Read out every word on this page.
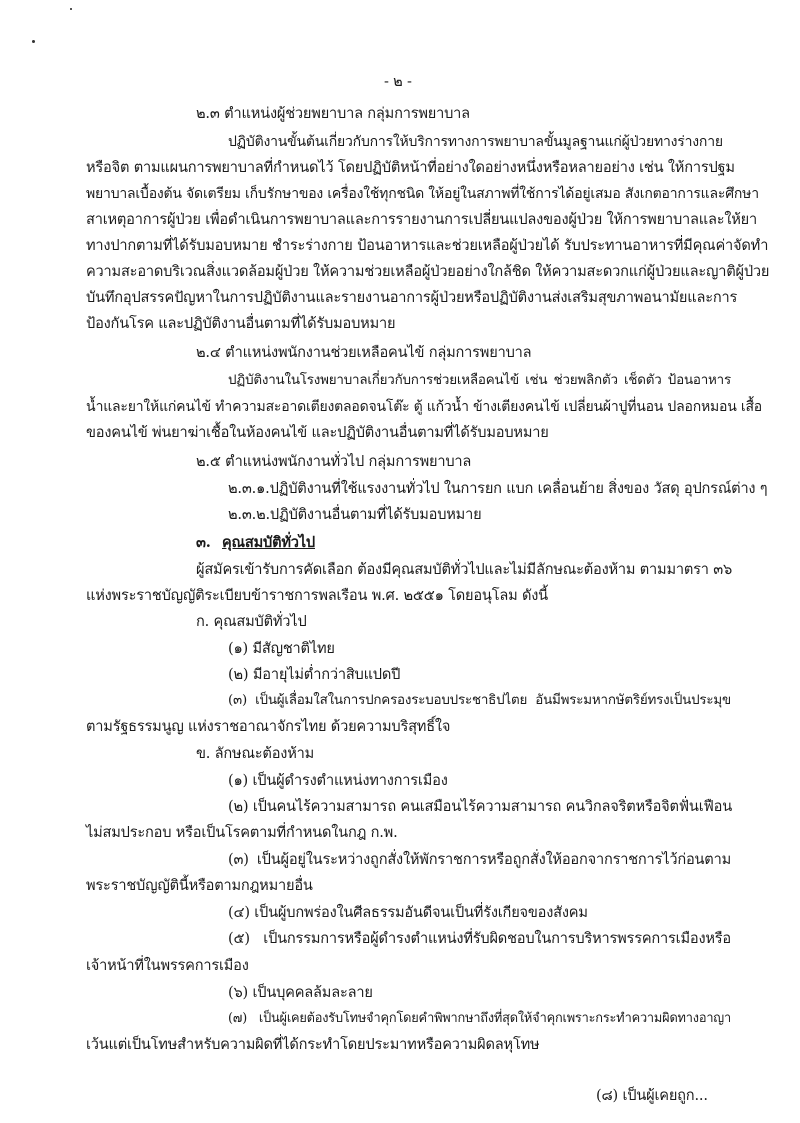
- ๒ -
๒.๓ ตำแหน่งผู้ช่วยพยาบาล กลุ่มการพยาบาล
ปฏิบัติงานขั้นต้นเกี่ยวกับการให้บริการทางการพยาบาลขั้นมูลฐานแก่ผู้ป่วยทางร่างกาย
หรือจิต ตามแผนการพยาบาลที่กำหนดไว้ โดยปฏิบัติหน้าที่อย่างใดอย่างหนึ่งหรือหลายอย่าง เช่น ให้การปฐม
พยาบาลเบื้องต้น จัดเตรียม เก็บรักษาของ เครื่องใช้ทุกชนิด ให้อยู่ในสภาพที่ใช้การได้อยู่เสมอ สังเกตอาการและศึกษา
สาเหตุอาการผู้ป่วย เพื่อดำเนินการพยาบาลและการรายงานการเปลี่ยนแปลงของผู้ป่วย ให้การพยาบาลและให้ยา
ทางปากตามที่ได้รับมอบหมาย ชำระร่างกาย ป้อนอาหารและช่วยเหลือผู้ป่วยได้ รับประทานอาหารที่มีคุณค่าจัดทำ
ความสะอาดบริเวณสิ่งแวดล้อมผู้ป่วย ให้ความช่วยเหลือผู้ป่วยอย่างใกล้ชิด ให้ความสะดวกแก่ผู้ป่วยและญาติผู้ป่วย
บันทึกอุปสรรคปัญหาในการปฏิบัติงานและรายงานอาการผู้ป่วยหรือปฏิบัติงานส่งเสริมสุขภาพอนามัยและการ
ป้องกันโรค และปฏิบัติงานอื่นตามที่ได้รับมอบหมาย
๒.๔ ตำแหน่งพนักงานช่วยเหลือคนไข้ กลุ่มการพยาบาล
ปฏิบัติงานในโรงพยาบาลเกี่ยวกับการช่วยเหลือคนไข้ เช่น ช่วยพลิกตัว เช็ดตัว ป้อนอาหาร
น้ำและยาให้แก่คนไข้ ทำความสะอาดเตียงตลอดจนโต๊ะ ตู้ แก้วน้ำ ข้างเตียงคนไข้ เปลี่ยนผ้าปูที่นอน ปลอกหมอน เสื้อ
ของคนไข้ พ่นยาฆ่าเชื้อในห้องคนไข้ และปฏิบัติงานอื่นตามที่ได้รับมอบหมาย
๒.๕ ตำแหน่งพนักงานทั่วไป กลุ่มการพยาบาล
๒.๓.๑.ปฏิบัติงานที่ใช้แรงงานทั่วไป ในการยก แบก เคลื่อนย้าย สิ่งของ วัสดุ อุปกรณ์ต่าง ๆ
๒.๓.๒.ปฏิบัติงานอื่นตามที่ได้รับมอบหมาย
๓. คุณสมบัติทั่วไป
ผู้สมัครเข้ารับการคัดเลือก ต้องมีคุณสมบัติทั่วไปและไม่มีลักษณะต้องห้าม ตามมาตรา ๓๖
แห่งพระราชบัญญัติระเบียบข้าราชการพลเรือน พ.ศ. ๒๕๕๑ โดยอนุโลม ดังนี้
ก. คุณสมบัติทั่วไป
(๑) มีสัญชาติไทย
(๒) มีอายุไม่ต่ำกว่าสิบแปดปี
(๓) เป็นผู้เลื่อมใสในการปกครองระบอบประชาธิปไตย อันมีพระมหากษัตริย์ทรงเป็นประมุข
ตามรัฐธรรมนูญ แห่งราชอาณาจักรไทย ด้วยความบริสุทธิ์ใจ
ข. ลักษณะต้องห้าม
(๑) เป็นผู้ดำรงตำแหน่งทางการเมือง
(๒) เป็นคนไร้ความสามารถ คนเสมือนไร้ความสามารถ คนวิกลจริตหรือจิตฟั่นเฟือน
ไม่สมประกอบ หรือเป็นโรคตามที่กำหนดในกฎ ก.พ.
(๓) เป็นผู้อยู่ในระหว่างถูกสั่งให้พักราชการหรือถูกสั่งให้ออกจากราชการไว้ก่อนตาม
พระราชบัญญัตินี้หรือตามกฎหมายอื่น
(๔) เป็นผู้บกพร่องในศีลธรรมอันดีจนเป็นที่รังเกียจของสังคม
(๕) เป็นกรรมการหรือผู้ดำรงตำแหน่งที่รับผิดชอบในการบริหารพรรคการเมืองหรือ
เจ้าหน้าที่ในพรรคการเมือง
(๖) เป็นบุคคลล้มละลาย
(๗) เป็นผู้เคยต้องรับโทษจำคุกโดยคำพิพากษาถึงที่สุดให้จำคุกเพราะกระทำความผิดทางอาญา
เว้นแต่เป็นโทษสำหรับความผิดที่ได้กระทำโดยประมาทหรือความผิดลหุโทษ
(๘) เป็นผู้เคยถูก...
